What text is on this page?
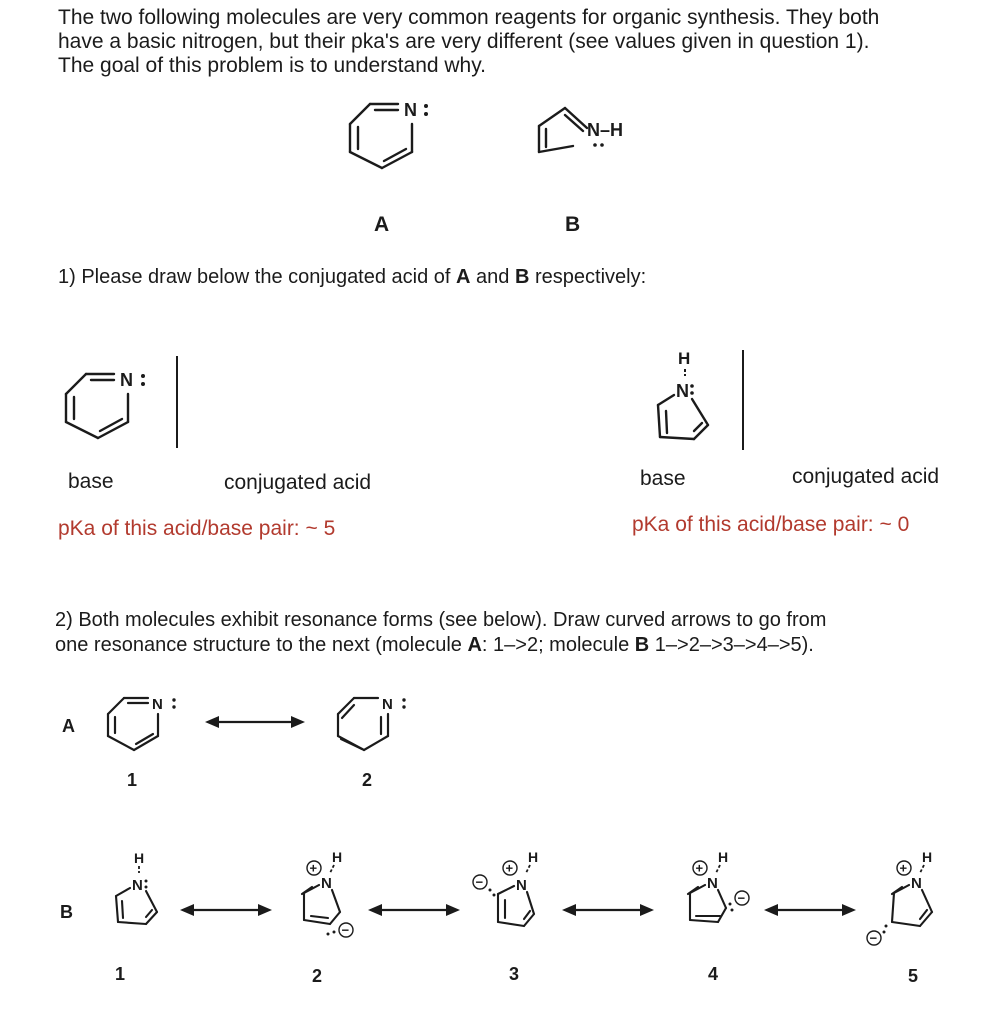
The two following molecules are very common reagents for organic synthesis. They both
have a basic nitrogen, but their pka's are very different (see values given in question 1).
The goal of this problem is to understand why.
N
N–H
A	B
1) Please draw below the conjugated acid of A and B respectively:
N
H
N
base	conjugated acid	base	conjugated acid
pKa of this acid/base pair: ~ 5	pKa of this acid/base pair: ~ 0
2) Both molecules exhibit resonance forms (see below). Draw curved arrows to go from
one resonance structure to the next (molecule A: 1–>2; molecule B 1–>2–>3–>4–>5).
A
N	N
1	2
B
H
N
H
+
N
−
H
+
− N
H
+
N
−
H
+
N
−
1	2	3	4	5
